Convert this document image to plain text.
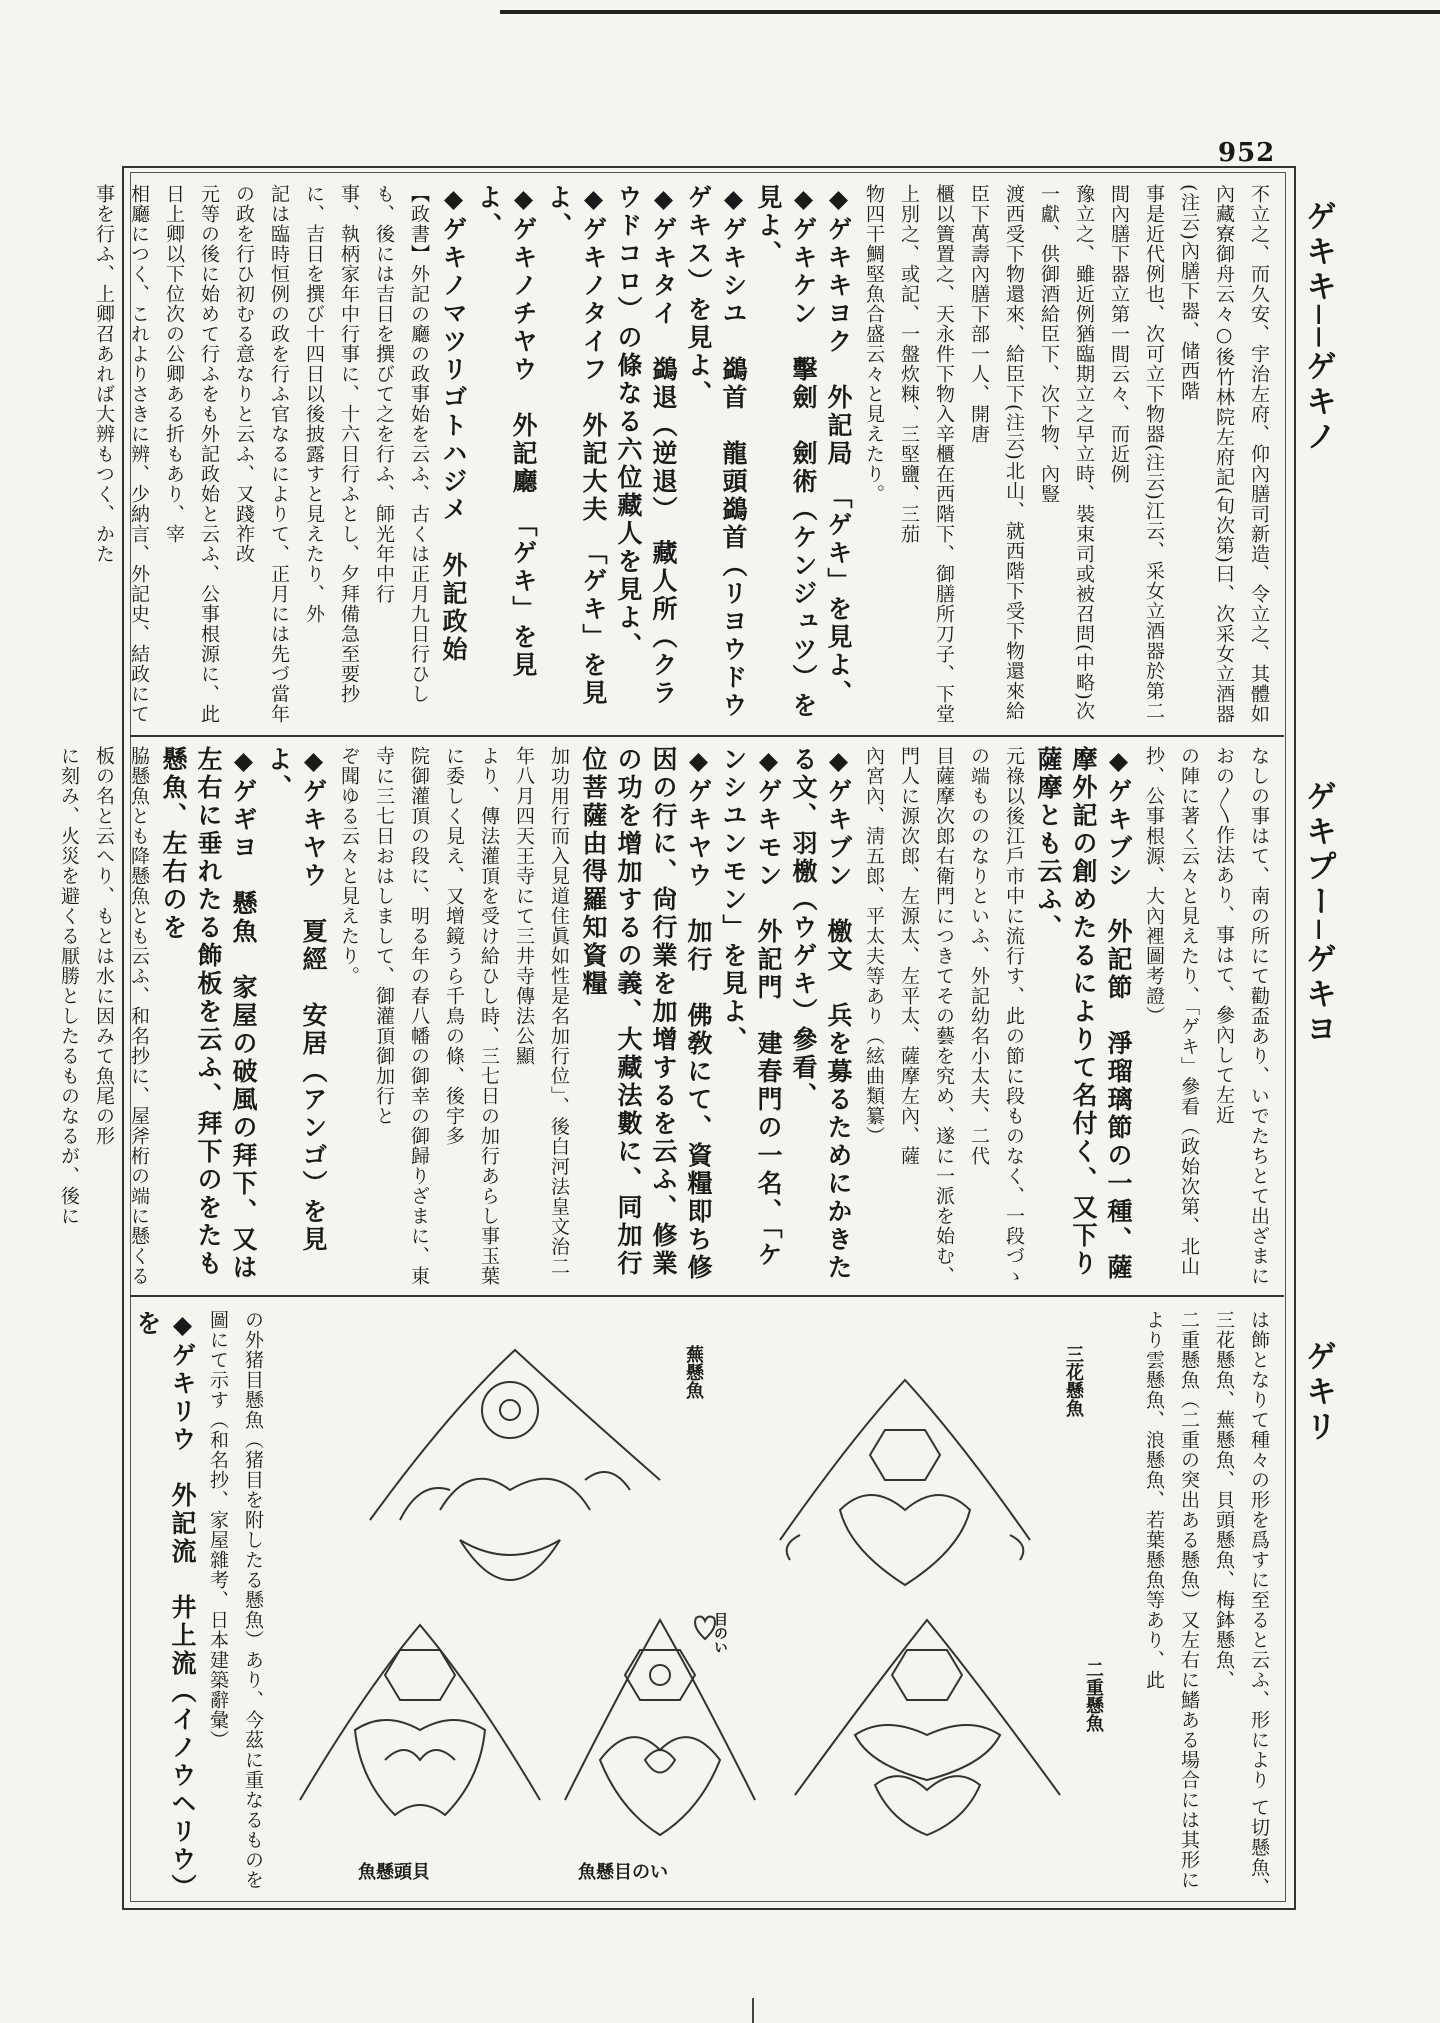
952
ゲキキ──ゲキノ
ゲキプー─ゲキヨ
ゲキリ

不立之、而久安、宇治左府、仰內膳司新造、令立之、其體如內藏寮御舟云々○後竹林院左府記(旬次第)曰、次采女立酒器(注云)內膳下器、储西階

事是近代例也、次可立下物器(注云)江云、采女立酒器於第二間內膳下器立第一間云々、而近例

豫立之、雖近例猶臨期立之早立時、裝束司或被召問(中略)次一獻、供御酒給臣下、次下物、內豎

渡西受下物還來、給臣下(注云)北山、就西階下受下物還來給臣下萬壽內膳下部一人、開唐

櫃以簀置之、天永件下物入辛櫃在西階下、御膳所刀子、下堂上別之、或記、一盤炊䊂、三堅鹽、三茄

物四干鯛堅魚合盛云々と見えたり。

◆ゲキキヨク　外記局　「ゲキ」を見よ、

◆ゲキケン　擊劍　劍術（ケンジュツ）を見よ、

◆ゲキシユ　鷁首　龍頭鷁首（リヨウドウゲキス）を見よ、

◆ゲキタイ　鷁退（逆退）　藏人所（クラウドコロ）の條なる六位藏人を見よ、

◆ゲキノタイフ　外記大夫　「ゲキ」を見よ、

◆ゲキノチヤウ　外記廳　「ゲキ」を見よ、

◆ゲキノマツリゴトハジメ　外記政始

【政書】外記の廳の政事始を云ふ、古くは正月九日行ひしも、後には吉日を撰びて之を行ふ、師光年中行

事、執柄家年中行事に、十六日行ふとし、夕拜備急至要抄に、吉日を撰び十四日以後披露すと見えたり、外

記は臨時恒例の政を行ふ官なるによりて、正月には先づ當年の政を行ひ初むる意なりと云ふ、又踐祚改

元等の後に始めて行ふをも外記政始と云ふ、公事根源に、此日上卿以下位次の公卿ある折もあり、宰

相廳につく、これよりさきに辨、少納言、外記史、結政にて事を行ふ、上卿召あれば大辨もつく、かた

なしの事はて、南の所にて勸盃あり、いでたちとて出ざまにおの〳〵作法あり、事はて、參內して左近

の陣に著く云々と見えたり、「ゲキ」參看（政始次第、北山抄、公事根源、大內裡圖考證）

◆ゲキブシ　外記節　淨瑠璃節の一種、薩摩外記の創めたるによりて名付く、又下り薩摩とも云ふ、

元祿以後江戶市中に流行す、此の節に段ものなく、一段づゝの端もののなりといふ、外記幼名小太夫、二代

目薩摩次郎右衛門につきてその藝を究め、遂に一派を始む、門人に源次郎、左源太、左平太、薩摩左內、薩

內宮內、淸五郎、平太夫等あり（絃曲類纂）

◆ゲキブン　檄文　兵を募るためにかきたる文、羽檄（ウゲキ）參看、

◆ゲキモン　外記門　建春門の一名、「ケンシユンモン」を見よ、

◆ゲキヤウ　加行　佛敎にて、資糧即ち修因の行に、尙行業を加增するを云ふ、修業の功を增加するの義、大藏法數に、同加行位菩薩由得羅知資糧

加功用行而入見道住眞如性是名加行位」、後白河法皇文治二年八月四天王寺にて三井寺傳法公顯

より、傳法灌頂を受け給ひし時、三七日の加行あらし事玉葉に委しく見え、又增鏡うら千鳥の條、後宇多

院御灌頂の段に、明る年の春八幡の御幸の御歸りざまに、東寺に三七日おはしまして、御灌頂御加行と

ぞ聞ゆる云々と見えたり。

◆ゲキヤウ　夏經　安居（アンゴ）を見よ、

◆ゲギヨ　懸魚　家屋の破風の拜下、又は左右に垂れたる飾板を云ふ、拜下のをたも懸魚、左右のを

脇懸魚とも降懸魚とも云ふ、和名抄に、屋斧桁の端に懸くる板の名と云へり、もとは水に因みて魚尾の形

に刻み、火災を避くる厭勝としたるものなるが、後に

は飾となりて種々の形を爲すに至ると云ふ、形により て切懸魚、三花懸魚、蕪懸魚、貝頭懸魚、梅鉢懸魚、

二重懸魚（二重の突出ある懸魚）又左右に鰭ある場合には其形により雲懸魚、浪懸魚、若葉懸魚等あり、此

の外猪目懸魚（猪目を附したる懸魚）あり、今茲に重なるものを圖にて示す（和名抄、家屋雜考、日本建築辭彙）

◆ゲキリウ　外記流　井上流（イノウヘリウ）を

三花懸魚
蕪懸魚
二重懸魚
目のい
魚懸目のい
魚懸頭貝
